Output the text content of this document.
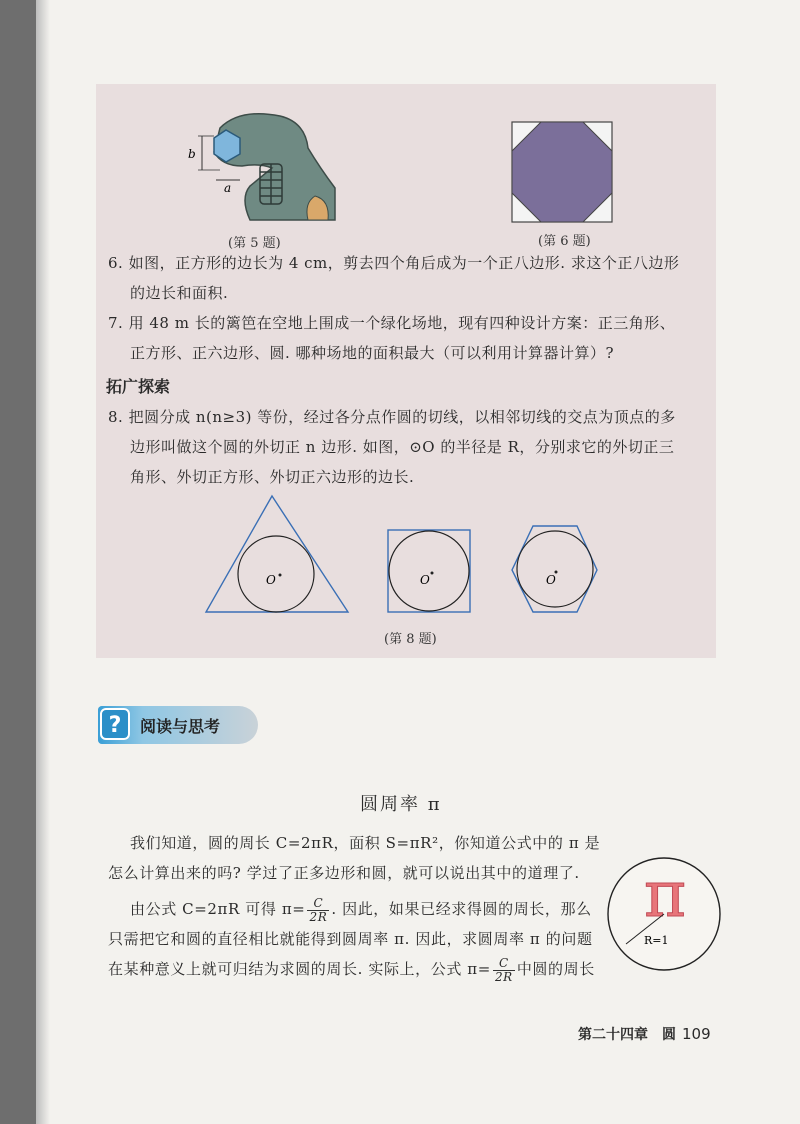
b
a
(第 5 题)	(第 6 题)
6. 如图，正方形的边长为 4 cm，剪去四个角后成为一个正八边形. 求这个正八边形
的边长和面积.
7. 用 48 m 长的篱笆在空地上围成一个绿化场地，现有四种设计方案：正三角形、
正方形、正六边形、圆. 哪种场地的面积最大（可以利用计算器计算）?
拓广探索
8. 把圆分成 n(n≥3) 等份，经过各分点作圆的切线，以相邻切线的交点为顶点的多
边形叫做这个圆的外切正 n 边形. 如图，⊙O 的半径是 R，分别求它的外切正三
角形、外切正方形、外切正六边形的边长.
O	O	O
(第 8 题)
?	阅读与思考
圆周率 π
我们知道，圆的周长 C=2πR，面积 S=πR²，你知道公式中的 π 是
怎么计算出来的吗? 学过了正多边形和圆，就可以说出其中的道理了.
由公式 C=2πR 可得 $\pi= \frac{C}{2R}$ . 因此，如果已经求得圆的周长，那么
只需把它和圆的直径相比就能得到圆周率 π. 因此，求圆周率 π 的问题
在某种意义上就可归结为求圆的周长. 实际上，公式 $\pi= \frac{C}{2R}$ 中圆的周长
π
R=1
第二十四章　圆 109
